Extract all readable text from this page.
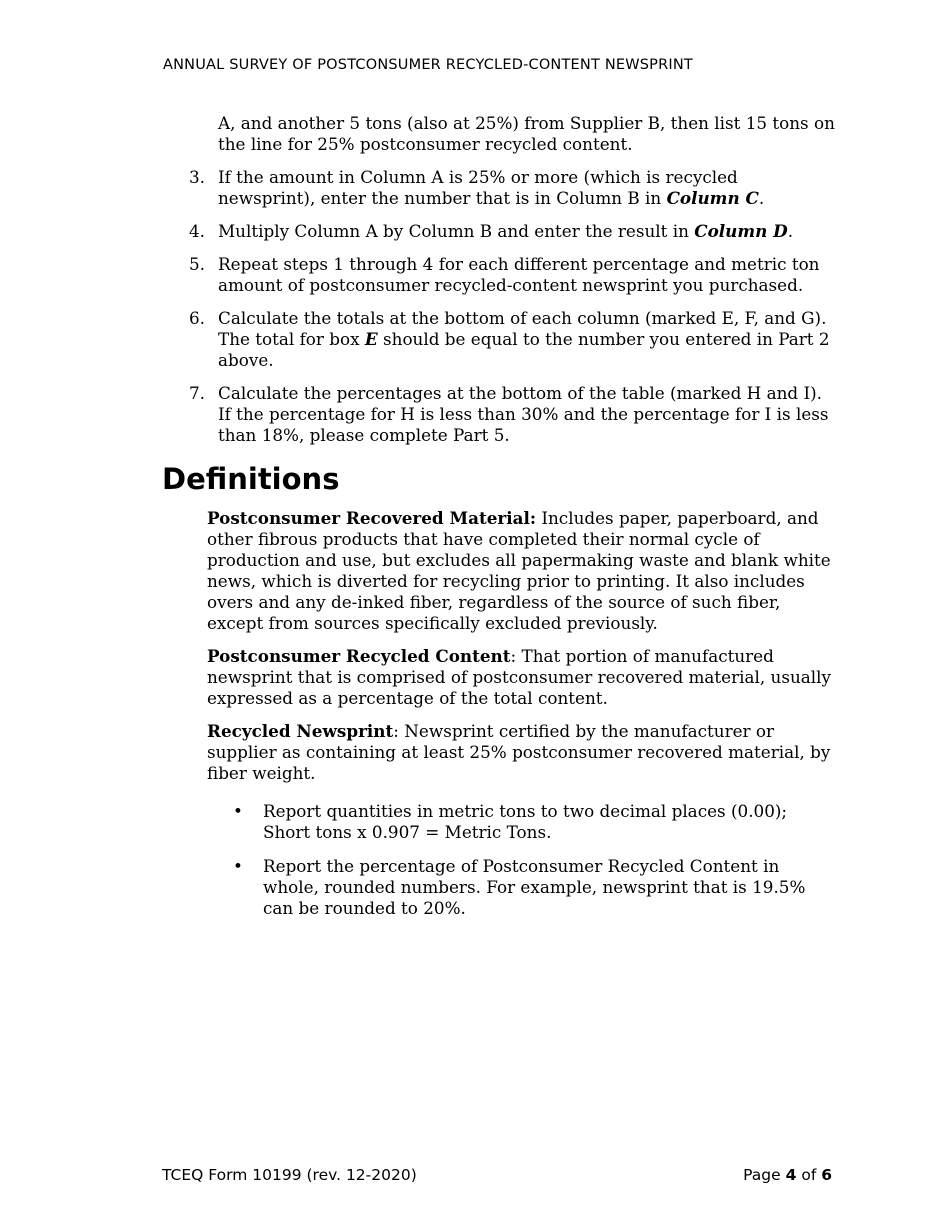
ANNUAL SURVEY OF POSTCONSUMER RECYCLED-CONTENT NEWSPRINT

A, and another 5 tons (also at 25%) from Supplier B, then list 15 tons on the line for 25% postconsumer recycled content.

3. If the amount in Column A is 25% or more (which is recycled newsprint), enter the number that is in Column B in Column C.
4. Multiply Column A by Column B and enter the result in Column D.
5. Repeat steps 1 through 4 for each different percentage and metric ton amount of postconsumer recycled-content newsprint you purchased.
6. Calculate the totals at the bottom of each column (marked E, F, and G). The total for box E should be equal to the number you entered in Part 2 above.
7. Calculate the percentages at the bottom of the table (marked H and I). If the percentage for H is less than 30% and the percentage for I is less than 18%, please complete Part 5.
Definitions

Postconsumer Recovered Material: Includes paper, paperboard, and other fibrous products that have completed their normal cycle of production and use, but excludes all papermaking waste and blank white news, which is diverted for recycling prior to printing. It also includes overs and any de-inked fiber, regardless of the source of such fiber, except from sources specifically excluded previously.

Postconsumer Recycled Content: That portion of manufactured newsprint that is comprised of postconsumer recovered material, usually expressed as a percentage of the total content.

Recycled Newsprint: Newsprint certified by the manufacturer or supplier as containing at least 25% postconsumer recovered material, by fiber weight.

• Report quantities in metric tons to two decimal places (0.00); Short tons x 0.907 = Metric Tons.
• Report the percentage of Postconsumer Recycled Content in whole, rounded numbers. For example, newsprint that is 19.5% can be rounded to 20%.
TCEQ Form 10199 (rev. 12-2020)	Page 4 of 6
